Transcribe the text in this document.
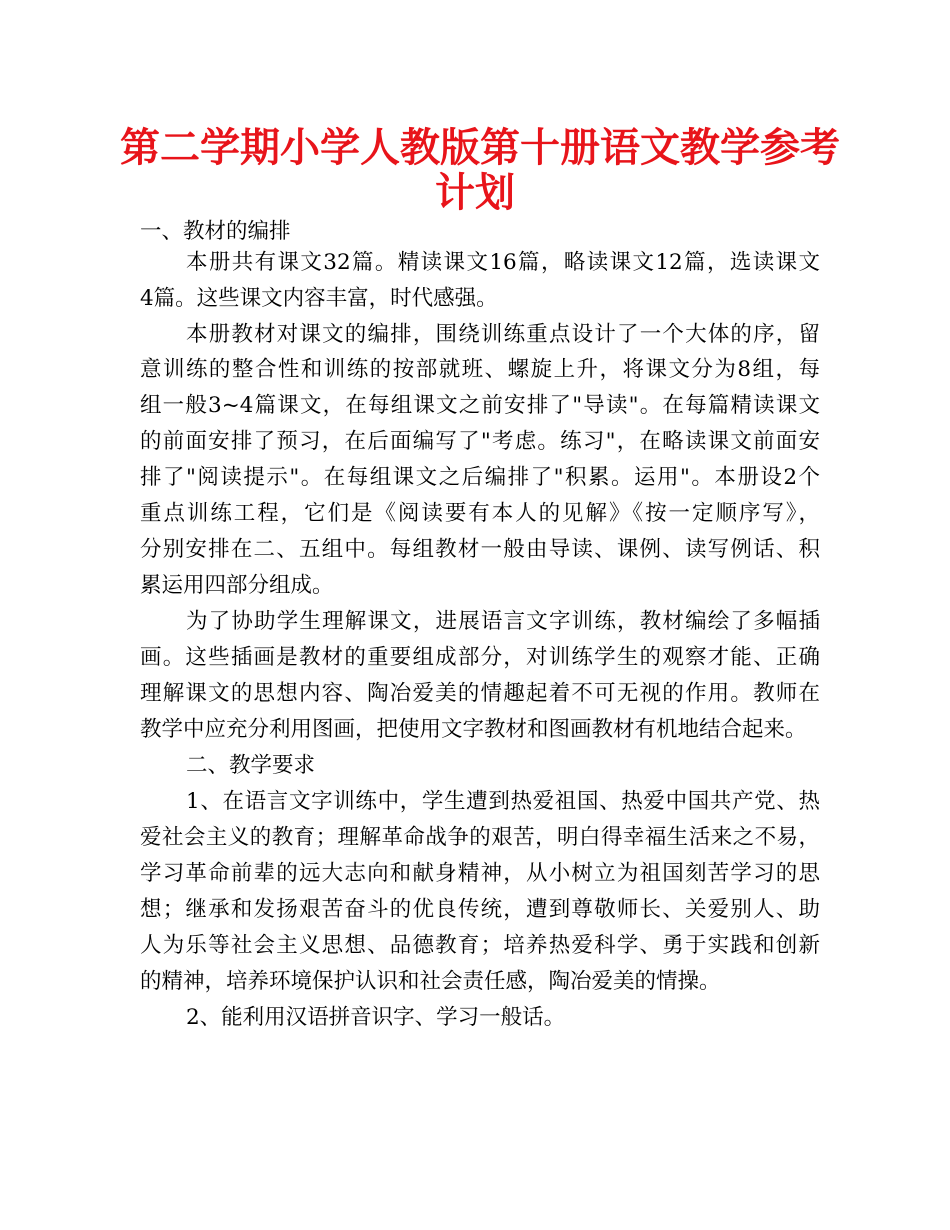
第二学期小学人教版第十册语文教学参考
计划
一、教材的编排
本册共有课文32篇。精读课文16篇，略读课文12篇，选读课文
4篇。这些课文内容丰富，时代感强。
本册教材对课文的编排，围绕训练重点设计了一个大体的序，留
意训练的整合性和训练的按部就班、螺旋上升，将课文分为8组，每
组一般3~4篇课文，在每组课文之前安排了"导读"。在每篇精读课文
的前面安排了预习，在后面编写了"考虑。练习"，在略读课文前面安
排了"阅读提示"。在每组课文之后编排了"积累。运用"。本册设2个
重点训练工程，它们是《阅读要有本人的见解》《按一定顺序写》，
分别安排在二、五组中。每组教材一般由导读、课例、读写例话、积
累运用四部分组成。
为了协助学生理解课文，进展语言文字训练，教材编绘了多幅插
画。这些插画是教材的重要组成部分，对训练学生的观察才能、正确
理解课文的思想内容、陶冶爱美的情趣起着不可无视的作用。教师在
教学中应充分利用图画，把使用文字教材和图画教材有机地结合起来。
二、教学要求
1、在语言文字训练中，学生遭到热爱祖国、热爱中国共产党、热
爱社会主义的教育；理解革命战争的艰苦，明白得幸福生活来之不易，
学习革命前辈的远大志向和献身精神，从小树立为祖国刻苦学习的思
想；继承和发扬艰苦奋斗的优良传统，遭到尊敬师长、关爱别人、助
人为乐等社会主义思想、品德教育；培养热爱科学、勇于实践和创新
的精神，培养环境保护认识和社会责任感，陶冶爱美的情操。
2、能利用汉语拼音识字、学习一般话。
